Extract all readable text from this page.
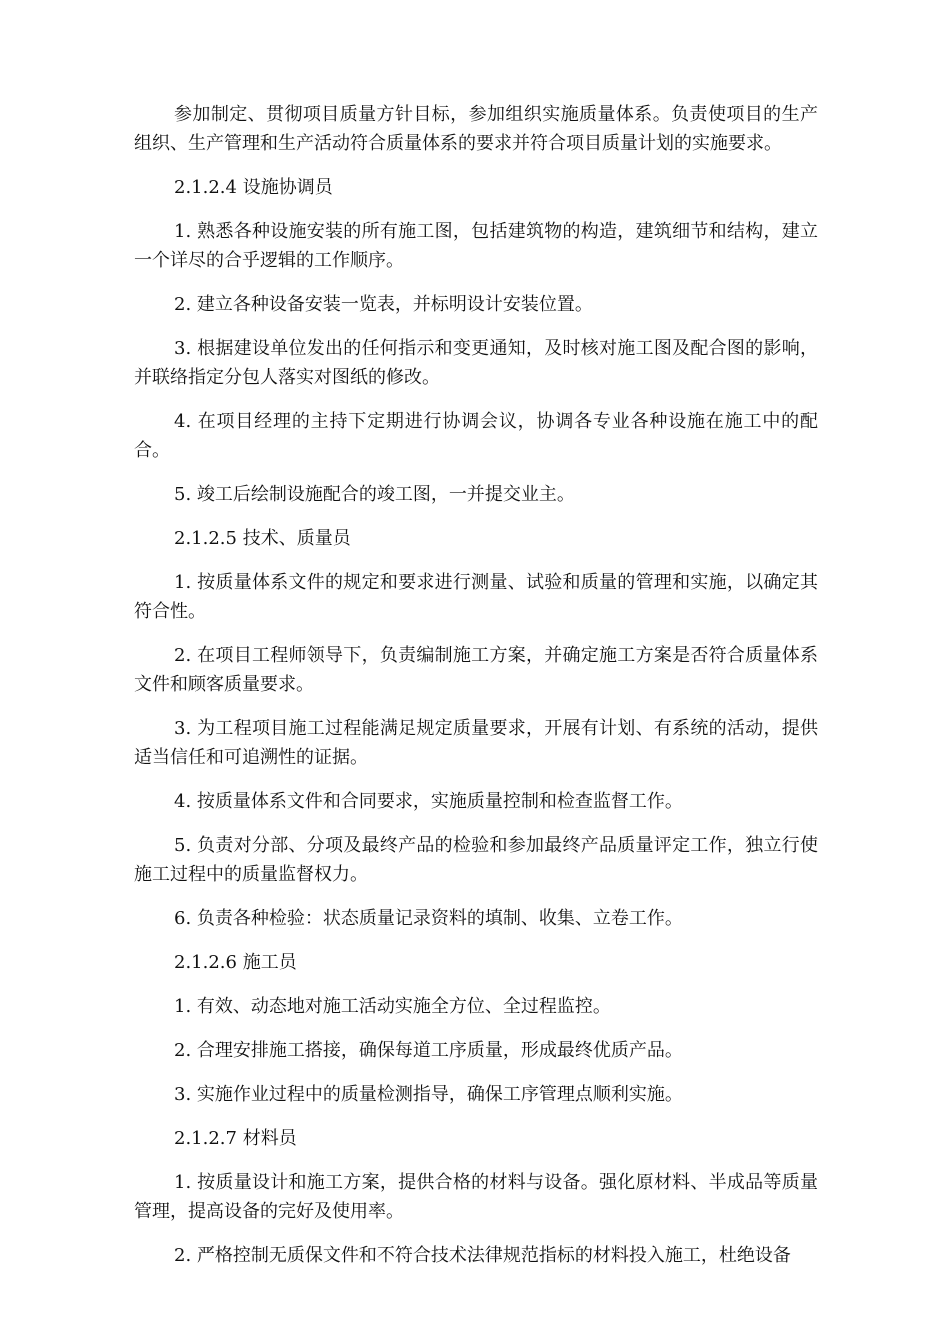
参加制定、贯彻项目质量方针目标，参加组织实施质量体系。负责使项目的生产组织、生产管理和生产活动符合质量体系的要求并符合项目质量计划的实施要求。

2.1.2.4 设施协调员

1. 熟悉各种设施安装的所有施工图，包括建筑物的构造，建筑细节和结构，建立一个详尽的合乎逻辑的工作顺序。

2. 建立各种设备安装一览表，并标明设计安装位置。

3. 根据建设单位发出的任何指示和变更通知，及时核对施工图及配合图的影响，并联络指定分包人落实对图纸的修改。

4. 在项目经理的主持下定期进行协调会议，协调各专业各种设施在施工中的配合。

5. 竣工后绘制设施配合的竣工图，一并提交业主。

2.1.2.5 技术、质量员

1. 按质量体系文件的规定和要求进行测量、试验和质量的管理和实施，以确定其符合性。

2. 在项目工程师领导下，负责编制施工方案，并确定施工方案是否符合质量体系文件和顾客质量要求。

3. 为工程项目施工过程能满足规定质量要求，开展有计划、有系统的活动，提供适当信任和可追溯性的证据。

4. 按质量体系文件和合同要求，实施质量控制和检查监督工作。

5. 负责对分部、分项及最终产品的检验和参加最终产品质量评定工作，独立行使施工过程中的质量监督权力。

6. 负责各种检验：状态质量记录资料的填制、收集、立卷工作。

2.1.2.6 施工员

1. 有效、动态地对施工活动实施全方位、全过程监控。

2. 合理安排施工搭接，确保每道工序质量，形成最终优质产品。

3. 实施作业过程中的质量检测指导，确保工序管理点顺利实施。

2.1.2.7 材料员

1. 按质量设计和施工方案，提供合格的材料与设备。强化原材料、半成品等质量管理，提高设备的完好及使用率。

2. 严格控制无质保文件和不符合技术法律规范指标的材料投入施工，杜绝设备
